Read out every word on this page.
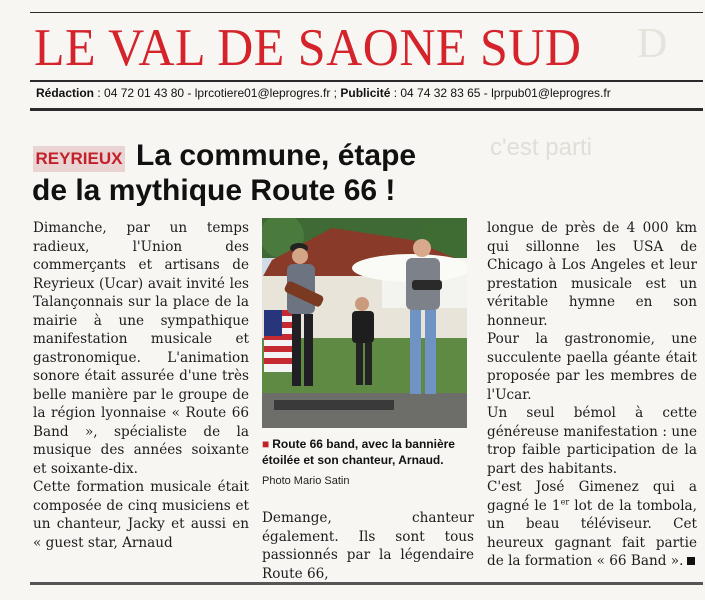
LE VAL DE SAONE SUD D
Rédaction : 04 72 01 43 80 - lprcotiere01@leprogres.fr ; Publicité : 04 74 32 83 65 - lprpub01@leprogres.fr
c'est parti
REYRIEUX La commune, étape
de la mythique Route 66 !

Dimanche, par un temps radieux, l'Union des commerçants et artisans de Reyrieux (Ucar) avait invité les Talançonnais sur la place de la mairie à une sympathique manifestation musicale et gastronomique. L'animation sonore était assurée d'une très belle manière par le groupe de la région lyonnaise « Route 66 Band », spécialiste de la musique des années soixante et soixante-dix.

Cette formation musicale était composée de cinq musiciens et un chanteur, Jacky et aussi en « guest star, Arnaud

■ Route 66 band, avec la bannière étoilée et son chanteur, Arnaud.
Photo Mario Satin

Demange, chanteur également. Ils sont tous passionnés par la légendaire Route 66,

longue de près de 4 000 km qui sillonne les USA de Chicago à Los Angeles et leur prestation musicale est un véritable hymne en son honneur.

Pour la gastronomie, une succulente paella géante était proposée par les membres de l'Ucar.

Un seul bémol à cette généreuse manifestation : une trop faible participation de la part des habitants.

C'est José Gimenez qui a gagné le 1er lot de la tombola, un beau téléviseur. Cet heureux gagnant fait partie de la formation « 66 Band ».
